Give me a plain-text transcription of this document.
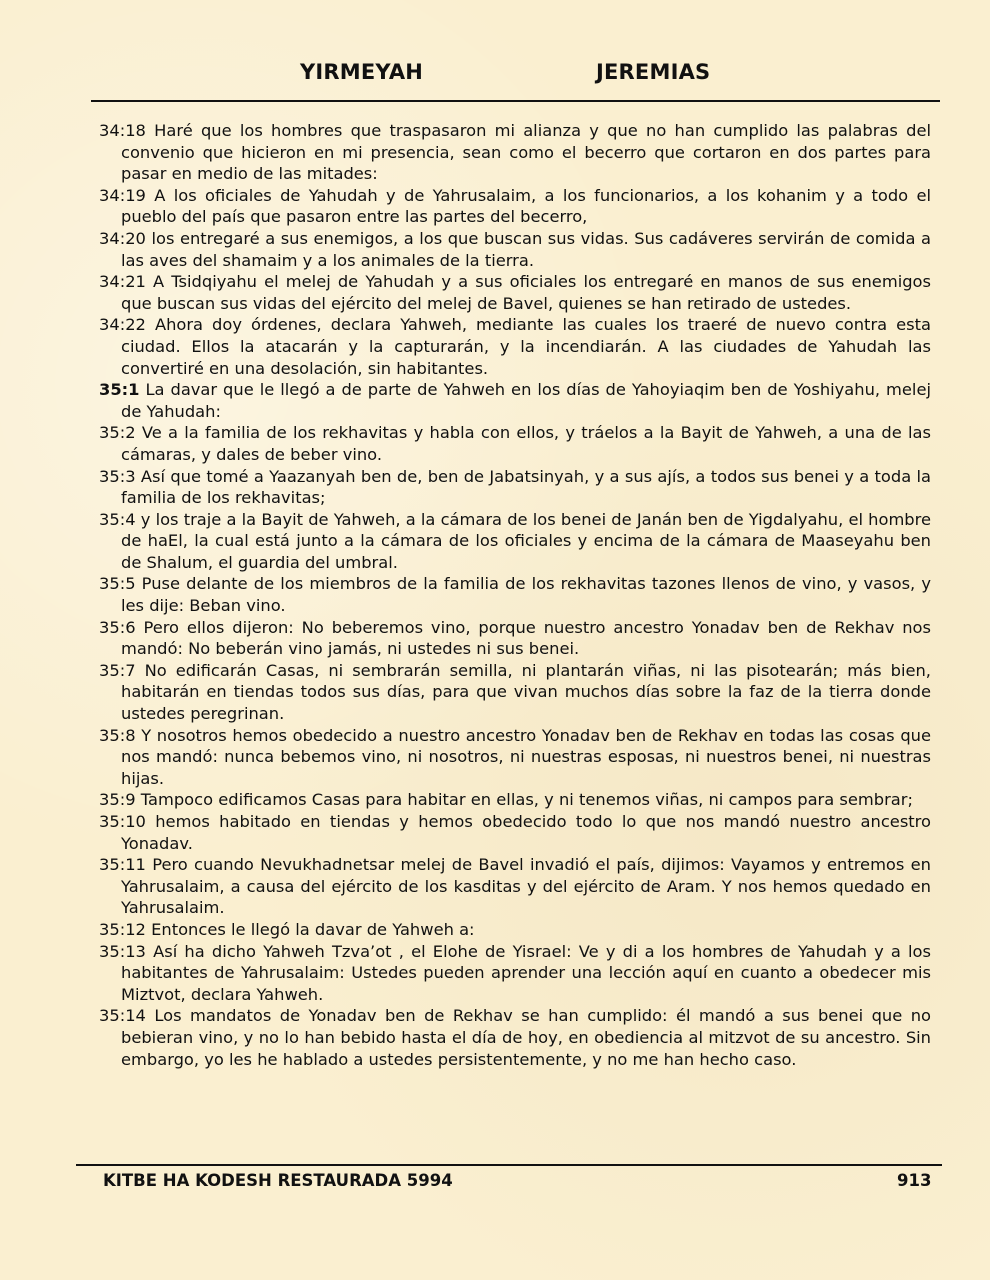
YIRMEYAH	JEREMIAS

34:18 Haré que los hombres que traspasaron mi alianza y que no han cumplido las palabras del convenio que hicieron en mi presencia, sean como el becerro que cortaron en dos partes para pasar en medio de las mitades:

34:19 A los oficiales de Yahudah y de Yahrusalaim, a los funcionarios, a los kohanim y a todo el pueblo del país que pasaron entre las partes del becerro,

34:20 los entregaré a sus enemigos, a los que buscan sus vidas. Sus cadáveres servirán de comida a las aves del shamaim y a los animales de la tierra.

34:21 A Tsidqiyahu el melej de Yahudah y a sus oficiales los entregaré en manos de sus enemigos que buscan sus vidas del ejército del melej de Bavel, quienes se han retirado de ustedes.

34:22 Ahora doy órdenes, declara Yahweh, mediante las cuales los traeré de nuevo contra esta ciudad. Ellos la atacarán y la capturarán, y la incendiarán. A las ciudades de Yahudah las convertiré en una desolación, sin habitantes.

35:1 La davar que le llegó a de parte de Yahweh en los días de Yahoyiaqim ben de Yoshiyahu, melej de Yahudah:

35:2 Ve a la familia de los rekhavitas y habla con ellos, y tráelos a la Bayit de Yahweh, a una de las cámaras, y dales de beber vino.

35:3 Así que tomé a Yaazanyah ben de, ben de Jabatsinyah, y a sus ajís, a todos sus benei y a toda la familia de los rekhavitas;

35:4 y los traje a la Bayit de Yahweh, a la cámara de los benei de Janán ben de Yigdalyahu, el hombre de haEl, la cual está junto a la cámara de los oficiales y encima de la cámara de Maaseyahu ben de Shalum, el guardia del umbral.

35:5 Puse delante de los miembros de la familia de los rekhavitas tazones llenos de vino, y vasos, y les dije: Beban vino.

35:6 Pero ellos dijeron: No beberemos vino, porque nuestro ancestro Yonadav ben de Rekhav nos mandó: No beberán vino jamás, ni ustedes ni sus benei.

35:7 No edificarán Casas, ni sembrarán semilla, ni plantarán viñas, ni las pisotearán; más bien, habitarán en tiendas todos sus días, para que vivan muchos días sobre la faz de la tierra donde ustedes peregrinan.

35:8 Y nosotros hemos obedecido a nuestro ancestro Yonadav ben de Rekhav en todas las cosas que nos mandó: nunca bebemos vino, ni nosotros, ni nuestras esposas, ni nuestros benei, ni nuestras hijas.

35:9 Tampoco edificamos Casas para habitar en ellas, y ni tenemos viñas, ni campos para sembrar;

35:10 hemos habitado en tiendas y hemos obedecido todo lo que nos mandó nuestro ancestro Yonadav.

35:11 Pero cuando Nevukhadnetsar melej de Bavel invadió el país, dijimos: Vayamos y entremos en Yahrusalaim, a causa del ejército de los kasditas y del ejército de Aram. Y nos hemos quedado en Yahrusalaim.

35:12 Entonces le llegó la davar de Yahweh a:

35:13 Así ha dicho Yahweh Tzva’ot , el Elohe de Yisrael: Ve y di a los hombres de Yahudah y a los habitantes de Yahrusalaim: Ustedes pueden aprender una lección aquí en cuanto a obedecer mis Miztvot, declara Yahweh.

35:14 Los mandatos de Yonadav ben de Rekhav se han cumplido: él mandó a sus benei que no bebieran vino, y no lo han bebido hasta el día de hoy, en obediencia al mitzvot de su ancestro. Sin embargo, yo les he hablado a ustedes persistentemente, y no me han hecho caso.

KITBE HA KODESH RESTAURADA 5994	913
